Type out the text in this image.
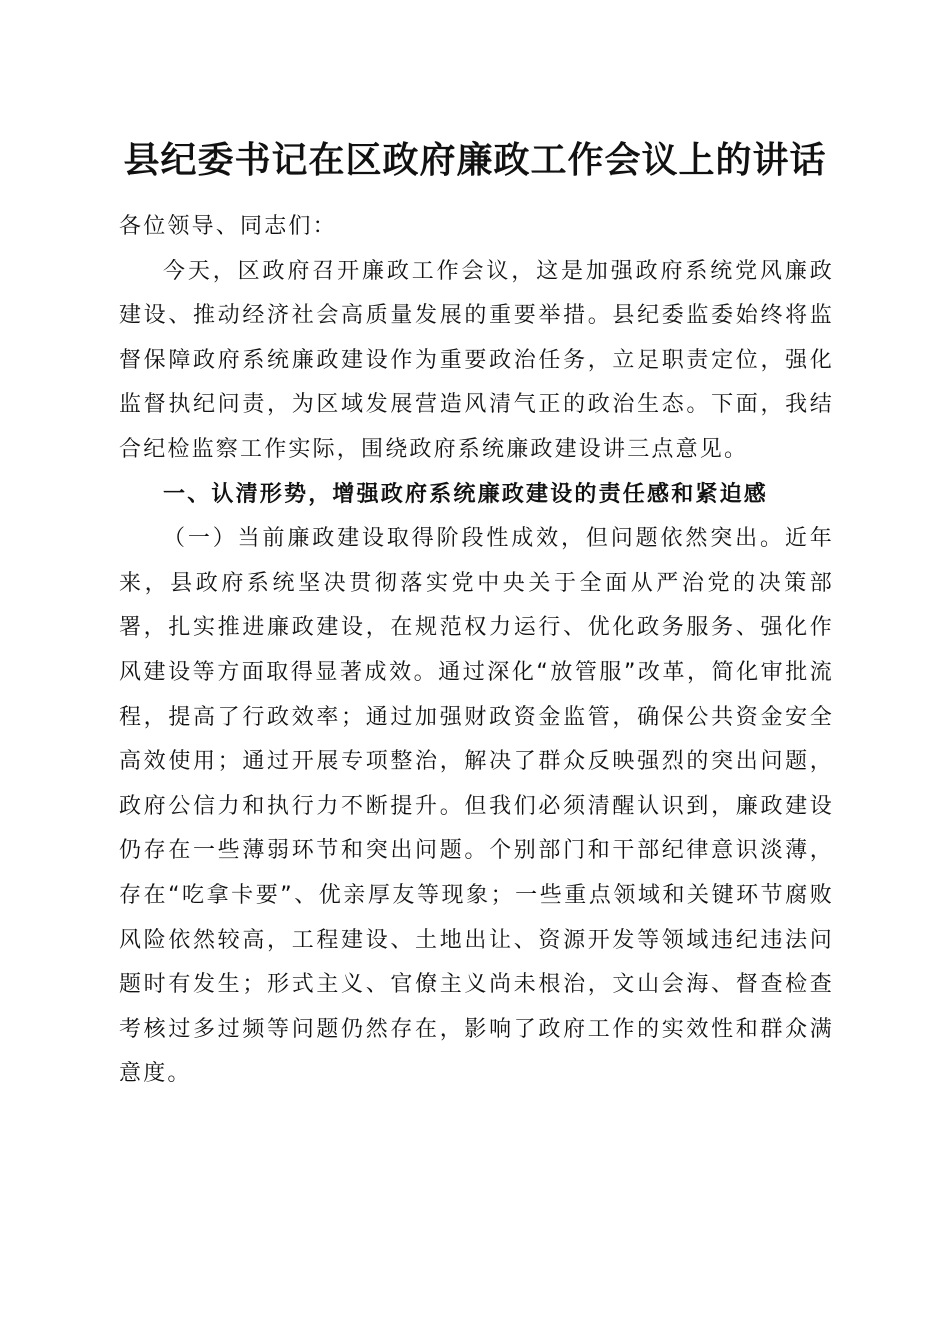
县纪委书记在区政府廉政工作会议上的讲话

各位领导、同志们：

今天，区政府召开廉政工作会议，这是加强政府系统党风廉政建设、推动经济社会高质量发展的重要举措。县纪委监委始终将监督保障政府系统廉政建设作为重要政治任务，立足职责定位，强化监督执纪问责，为区域发展营造风清气正的政治生态。下面，我结合纪检监察工作实际，围绕政府系统廉政建设讲三点意见。

一、认清形势，增强政府系统廉政建设的责任感和紧迫感

（一）当前廉政建设取得阶段性成效，但问题依然突出。近年来，县政府系统坚决贯彻落实党中央关于全面从严治党的决策部署，扎实推进廉政建设，在规范权力运行、优化政务服务、强化作风建设等方面取得显著成效。通过深化“放管服”改革，简化审批流程，提高了行政效率；通过加强财政资金监管，确保公共资金安全高效使用；通过开展专项整治，解决了群众反映强烈的突出问题，政府公信力和执行力不断提升。但我们必须清醒认识到，廉政建设仍存在一些薄弱环节和突出问题。个别部门和干部纪律意识淡薄，存在“吃拿卡要”、优亲厚友等现象；一些重点领域和关键环节腐败风险依然较高，工程建设、土地出让、资源开发等领域违纪违法问题时有发生；形式主义、官僚主义尚未根治，文山会海、督查检查考核过多过频等问题仍然存在，影响了政府工作的实效性和群众满意度。
